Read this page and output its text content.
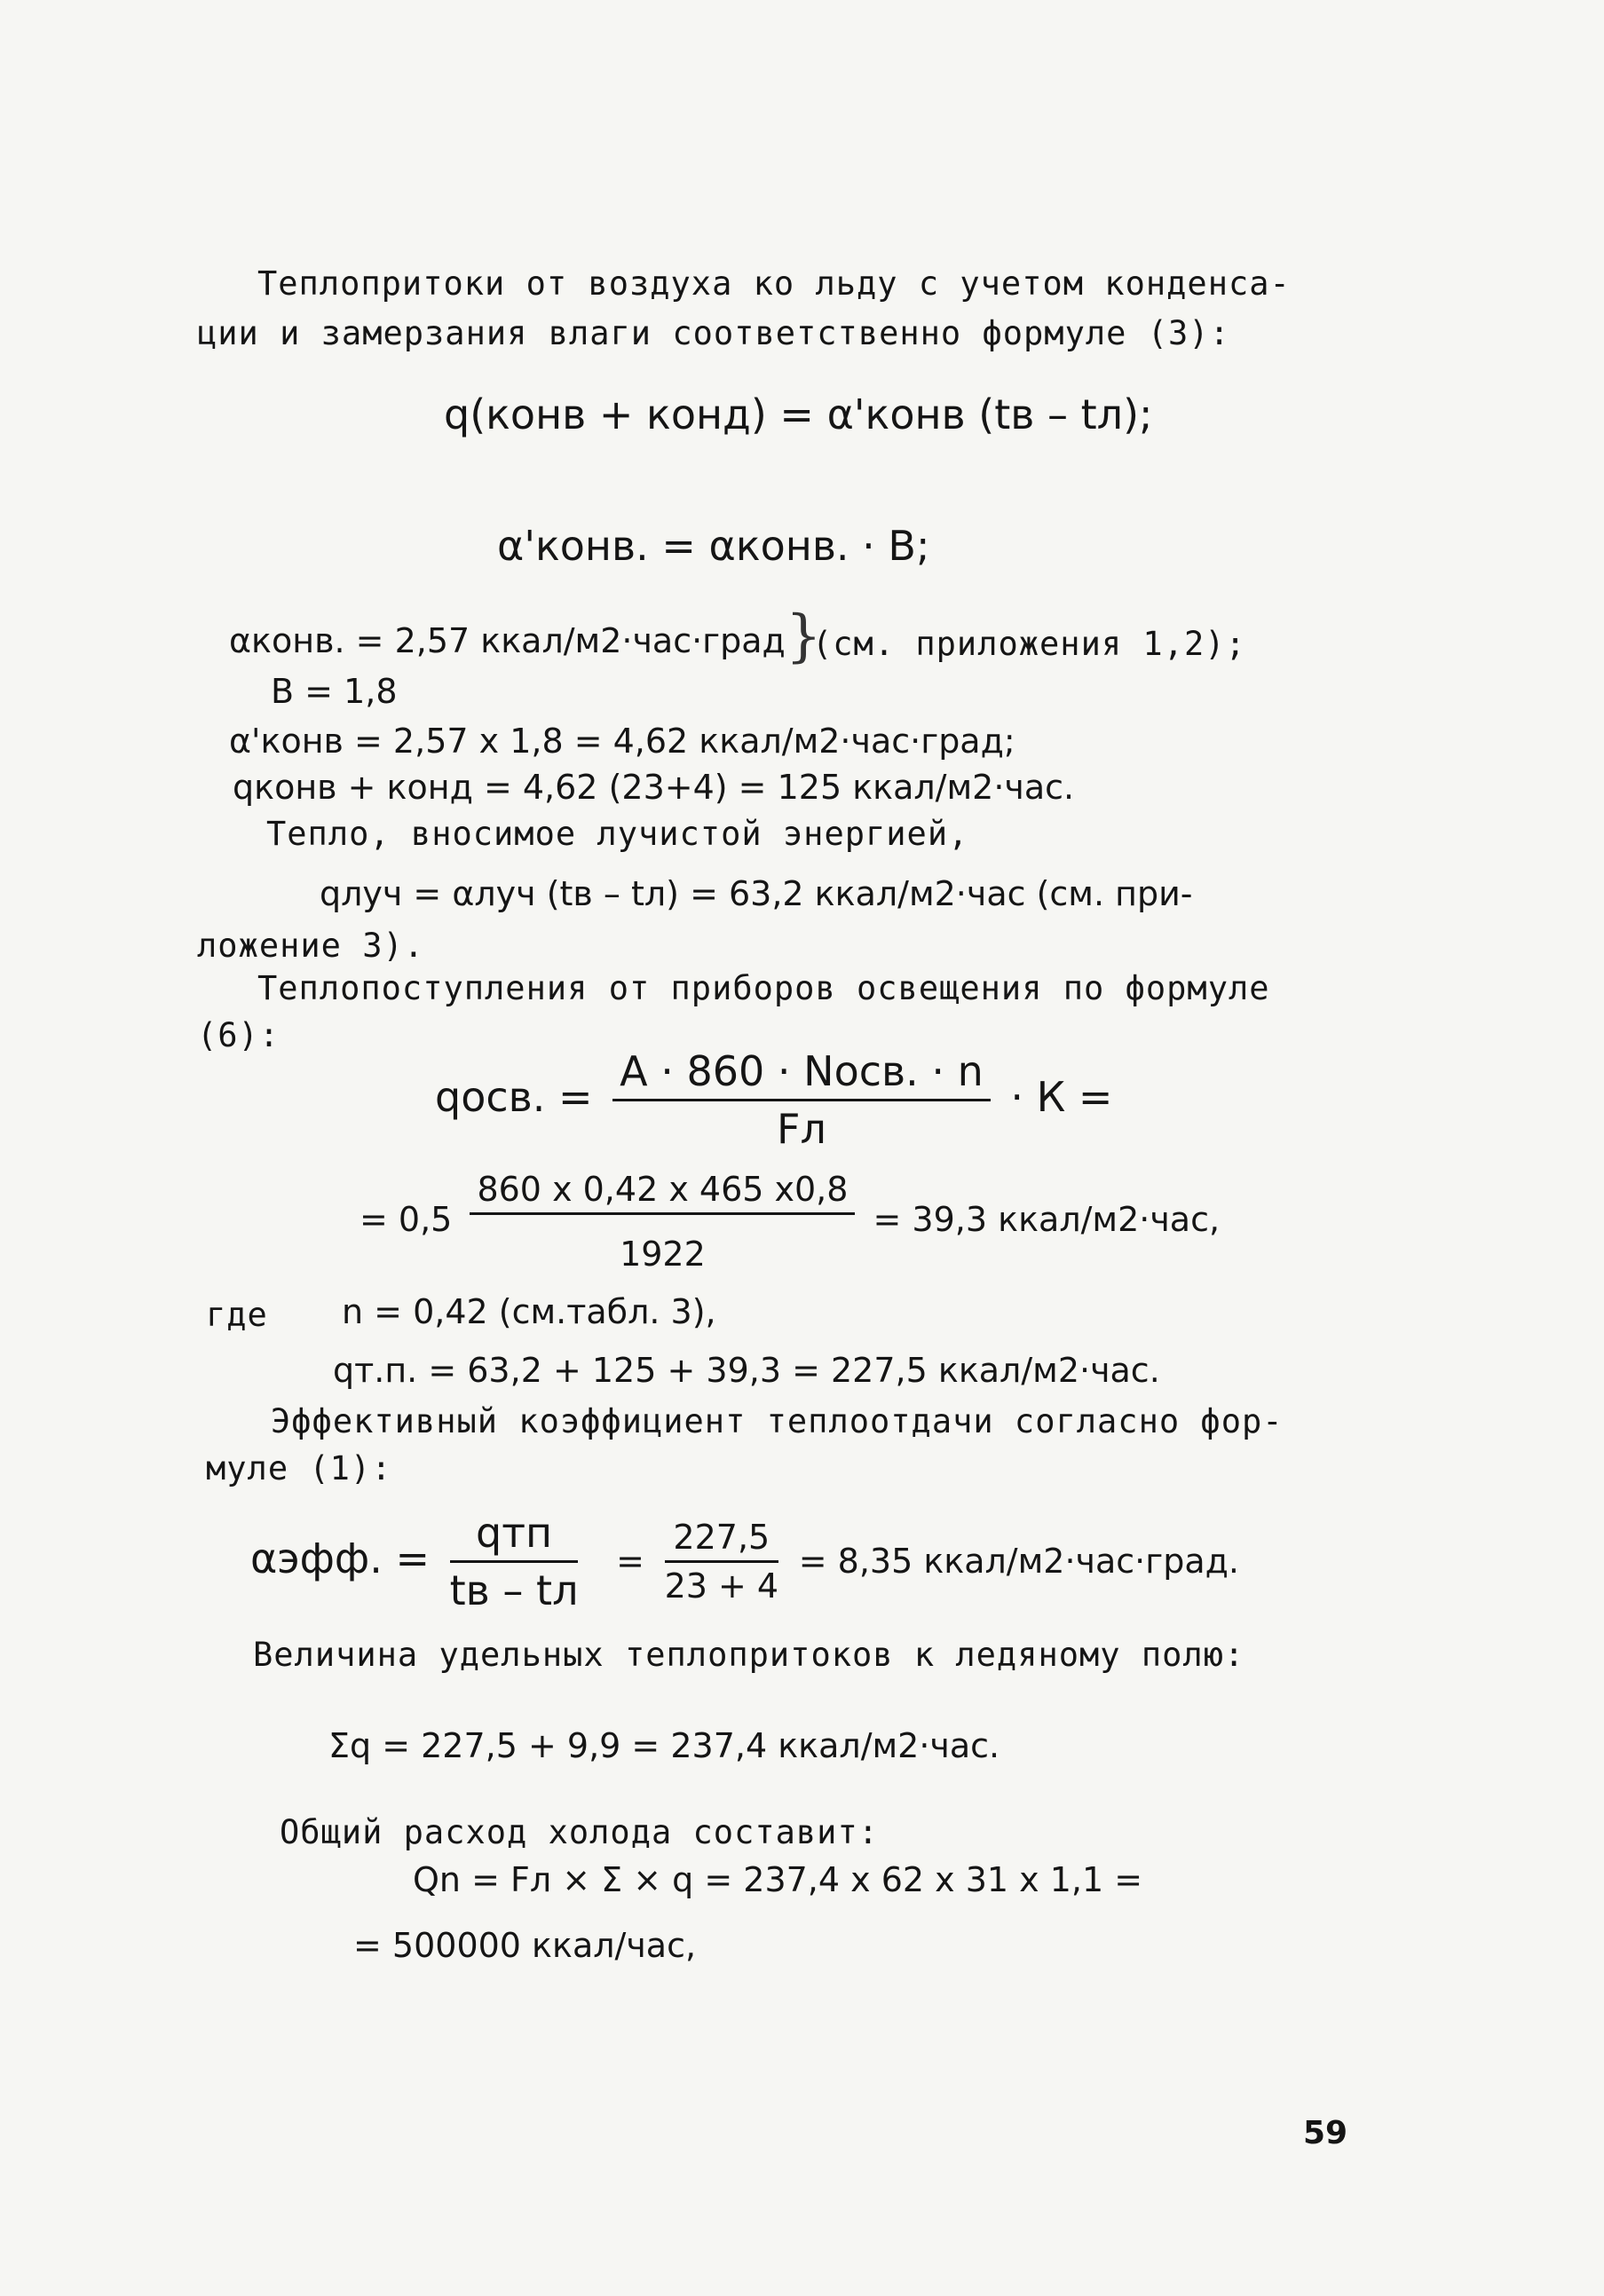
Теплопритоки от воздуха ко льду с учетом конденса-
ции и замерзания влаги соответственно формуле (3):
q(конв + конд) = α'конв (tв – tл);
α'конв. = αконв. · В;
αконв. = 2,57 ккал/м2·час·град }
(см. приложения 1,2);
В = 1,8
α'конв = 2,57 х 1,8 = 4,62 ккал/м2·час·град;
qконв + конд = 4,62 (23+4) = 125 ккал/м2·час.
Тепло, вносимое лучистой энергией,
qлуч = αлуч (tв – tл) = 63,2 ккал/м2·час (см. при-
ложение 3).
Теплопоступления от приборов освещения по формуле
(6):
qосв. = $\frac{\text{А · 860 · Nосв. · n}}{Fл} \cdot К$ =
= $0,5 \frac{860 х 0,42 х 465 х0,8}{1922} = 39,3$ ккал/м2·час,
где n = 0,42 (см.табл. 3),
qт.п. = 63,2 + 125 + 39,3 = 227,5 ккал/м2·час.
Эффективный коэффициент теплоотдачи согласно фор-
муле (1):
αэфф. = $\frac{\text{qтп}}{tв - tл} = \frac{227,5}{23 + 4} = 8,35$ ккал/м2·час·град.
Величина удельных теплопритоков к ледяному полю:
Σq = 227,5 + 9,9 = 237,4 ккал/м2·час.
Общий расход холода составит:
Qn = Fл × Σ × q = 237,4 х 62 х 31 х 1,1 =
= 500000 ккал/час,
59
